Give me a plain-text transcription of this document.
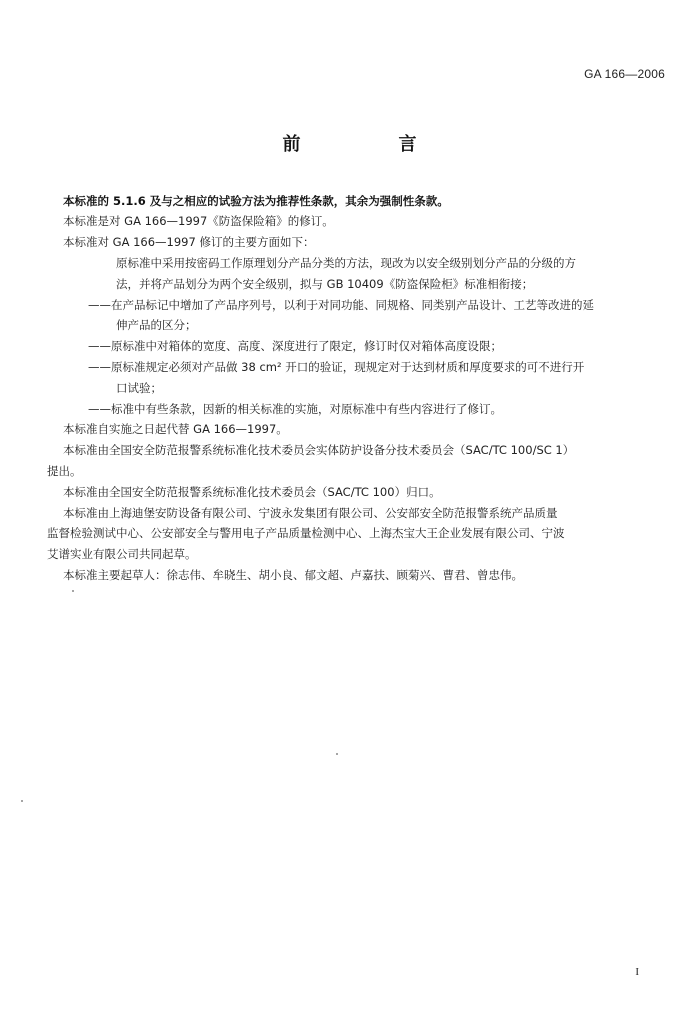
GA 166—2006
前　言
本标准的 5.1.6 及与之相应的试验方法为推荐性条款，其余为强制性条款。
本标准是对 GA 166—1997《防盗保险箱》的修订。
本标准对 GA 166—1997 修订的主要方面如下：
原标准中采用按密码工作原理划分产品分类的方法，现改为以安全级别划分产品的分级的方
法，并将产品划分为两个安全级别，拟与 GB 10409《防盗保险柜》标准相衔接；
——在产品标记中增加了产品序列号，以利于对同功能、同规格、同类别产品设计、工艺等改进的延
伸产品的区分；
——原标准中对箱体的宽度、高度、深度进行了限定，修订时仅对箱体高度设限；
——原标准规定必须对产品做 38 cm² 开口的验证，现规定对于达到材质和厚度要求的可不进行开
口试验；
——标准中有些条款，因新的相关标准的实施，对原标准中有些内容进行了修订。
本标准自实施之日起代替 GA 166—1997。
本标准由全国安全防范报警系统标准化技术委员会实体防护设备分技术委员会（SAC/TC 100/SC 1）
提出。
本标准由全国安全防范报警系统标准化技术委员会（SAC/TC 100）归口。
本标准由上海迪堡安防设备有限公司、宁波永发集团有限公司、公安部安全防范报警系统产品质量
监督检验测试中心、公安部安全与警用电子产品质量检测中心、上海杰宝大王企业发展有限公司、宁波
艾谱实业有限公司共同起草。
本标准主要起草人：徐志伟、牟晓生、胡小良、郁文超、卢嘉扶、顾菊兴、曹君、曾忠伟。
I
